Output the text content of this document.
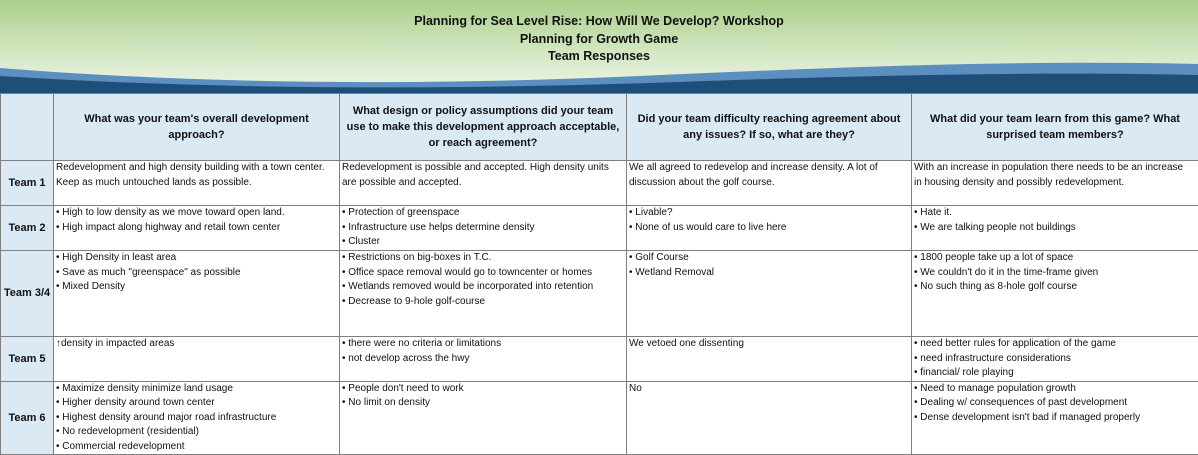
Planning for Sea Level Rise: How Will We Develop? Workshop
Planning for Growth Game
Team Responses
	What was your team's overall development approach?	What design or policy assumptions did your team use to make this development approach acceptable, or reach agreement?	Did your team difficulty reaching agreement about any issues? If so, what are they?	What did your team learn from this game? What surprised team members?
Team 1	Redevelopment and high density building with a town center.
Keep as much untouched lands as possible.	Redevelopment is possible and accepted. High density units
are possible and accepted.	We all agreed to redevelop and increase density. A lot of
discussion about the golf course.	With an increase in population there needs to be an increase
in housing density and possibly redevelopment.

Team 2	• High to low density as we move toward open land.
• High impact along highway and retail town center	• Protection of greenspace
• Infrastructure use helps determine density
• Cluster	• Livable?
• None of us would care to live here	• Hate it.
• We are talking people not buildings

Team 3/4	• High Density in least area
• Save as much "greenspace" as possible
• Mixed Density	• Restrictions on big-boxes in T.C.
• Office space removal would go to towncenter or homes
• Wetlands removed would be incorporated into retention
• Decrease to 9-hole golf-course	• Golf Course
• Wetland Removal	• 1800 people take up a lot of space
• We couldn't do it in the time-frame given
• No such thing as 8-hole golf course

Team 5	↑density in impacted areas	• there were no criteria or limitations
• not develop across the hwy	We vetoed one dissenting	• need better rules for application of the game
• need infrastructure considerations
• financial/ role playing

Team 6	• Maximize density minimize land usage
• Higher density around town center
• Highest density around major road infrastructure
• No redevelopment (residential)
• Commercial redevelopment	• People don't need to work
• No limit on density	No	• Need to manage population growth
• Dealing w/ consequences of past development
• Dense development isn't bad if managed properly
